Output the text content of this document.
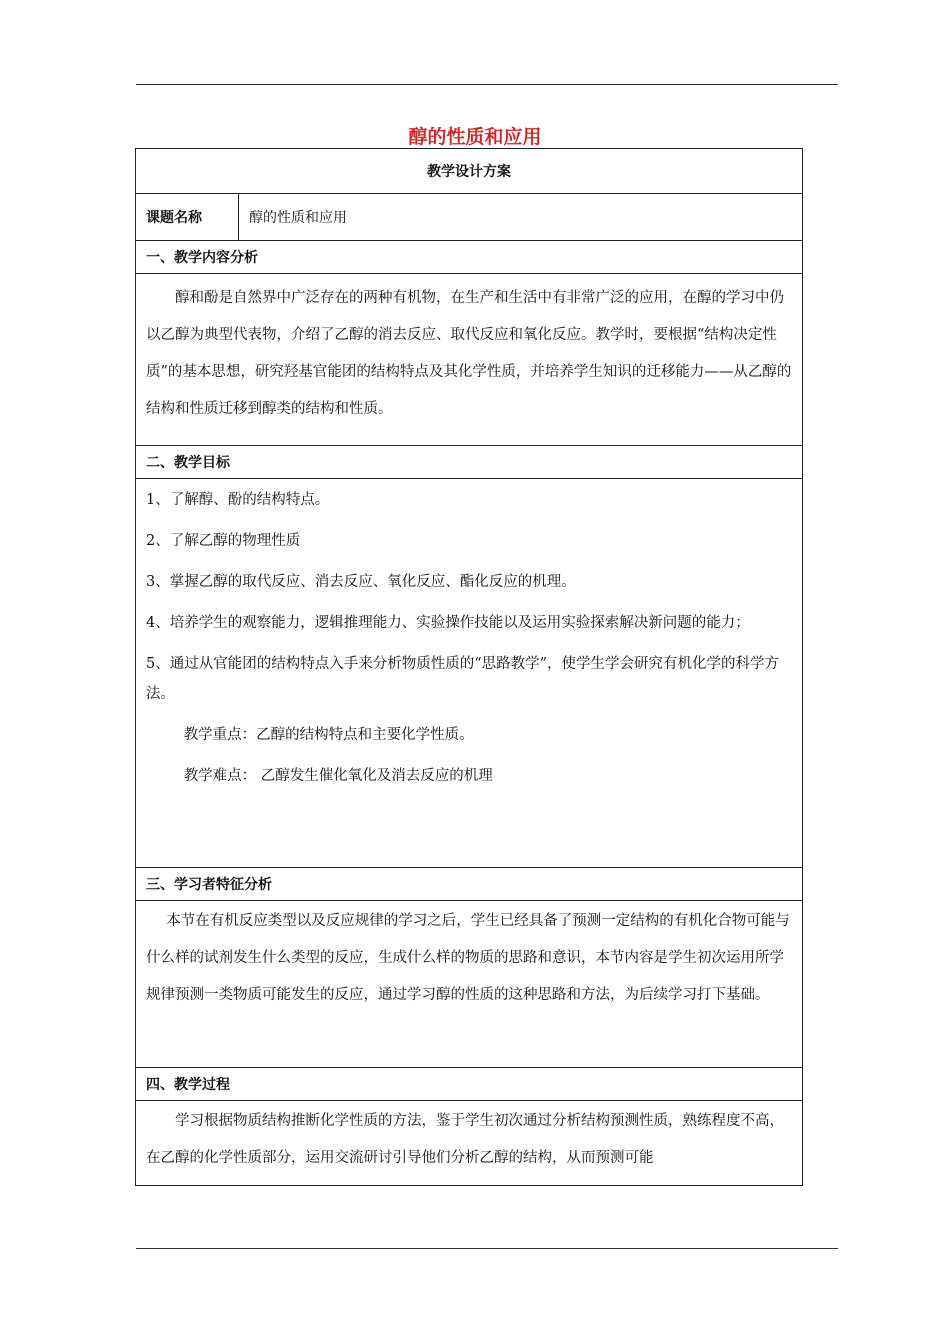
醇的性质和应用
教学设计方案
课题名称	醇的性质和应用
一、教学内容分析

醇和酚是自然界中广泛存在的两种有机物，在生产和生活中有非常广泛的应用，在醇的学习中仍以乙醇为典型代表物，介绍了乙醇的消去反应、取代反应和氧化反应。教学时，要根据“结构决定性质”的基本思想，研究羟基官能团的结构特点及其化学性质，并培养学生知识的迁移能力——从乙醇的结构和性质迁移到醇类的结构和性质。

二、教学目标

1、了解醇、酚的结构特点。

2、了解乙醇的物理性质

3、掌握乙醇的取代反应、消去反应、氧化反应、酯化反应的机理。

4、培养学生的观察能力，逻辑推理能力、实验操作技能以及运用实验探索解决新问题的能力；

5、通过从官能团的结构特点入手来分析物质性质的“思路教学”，使学生学会研究有机化学的科学方法。

教学重点：乙醇的结构特点和主要化学性质。

教学难点： 乙醇发生催化氧化及消去反应的机理

三、学习者特征分析

本节在有机反应类型以及反应规律的学习之后，学生已经具备了预测一定结构的有机化合物可能与什么样的试剂发生什么类型的反应，生成什么样的物质的思路和意识，本节内容是学生初次运用所学规律预测一类物质可能发生的反应，通过学习醇的性质的这种思路和方法，为后续学习打下基础。

四、教学过程

学习根据物质结构推断化学性质的方法，鉴于学生初次通过分析结构预测性质，熟练程度不高，在乙醇的化学性质部分，运用交流研讨引导他们分析乙醇的结构，从而预测可能
